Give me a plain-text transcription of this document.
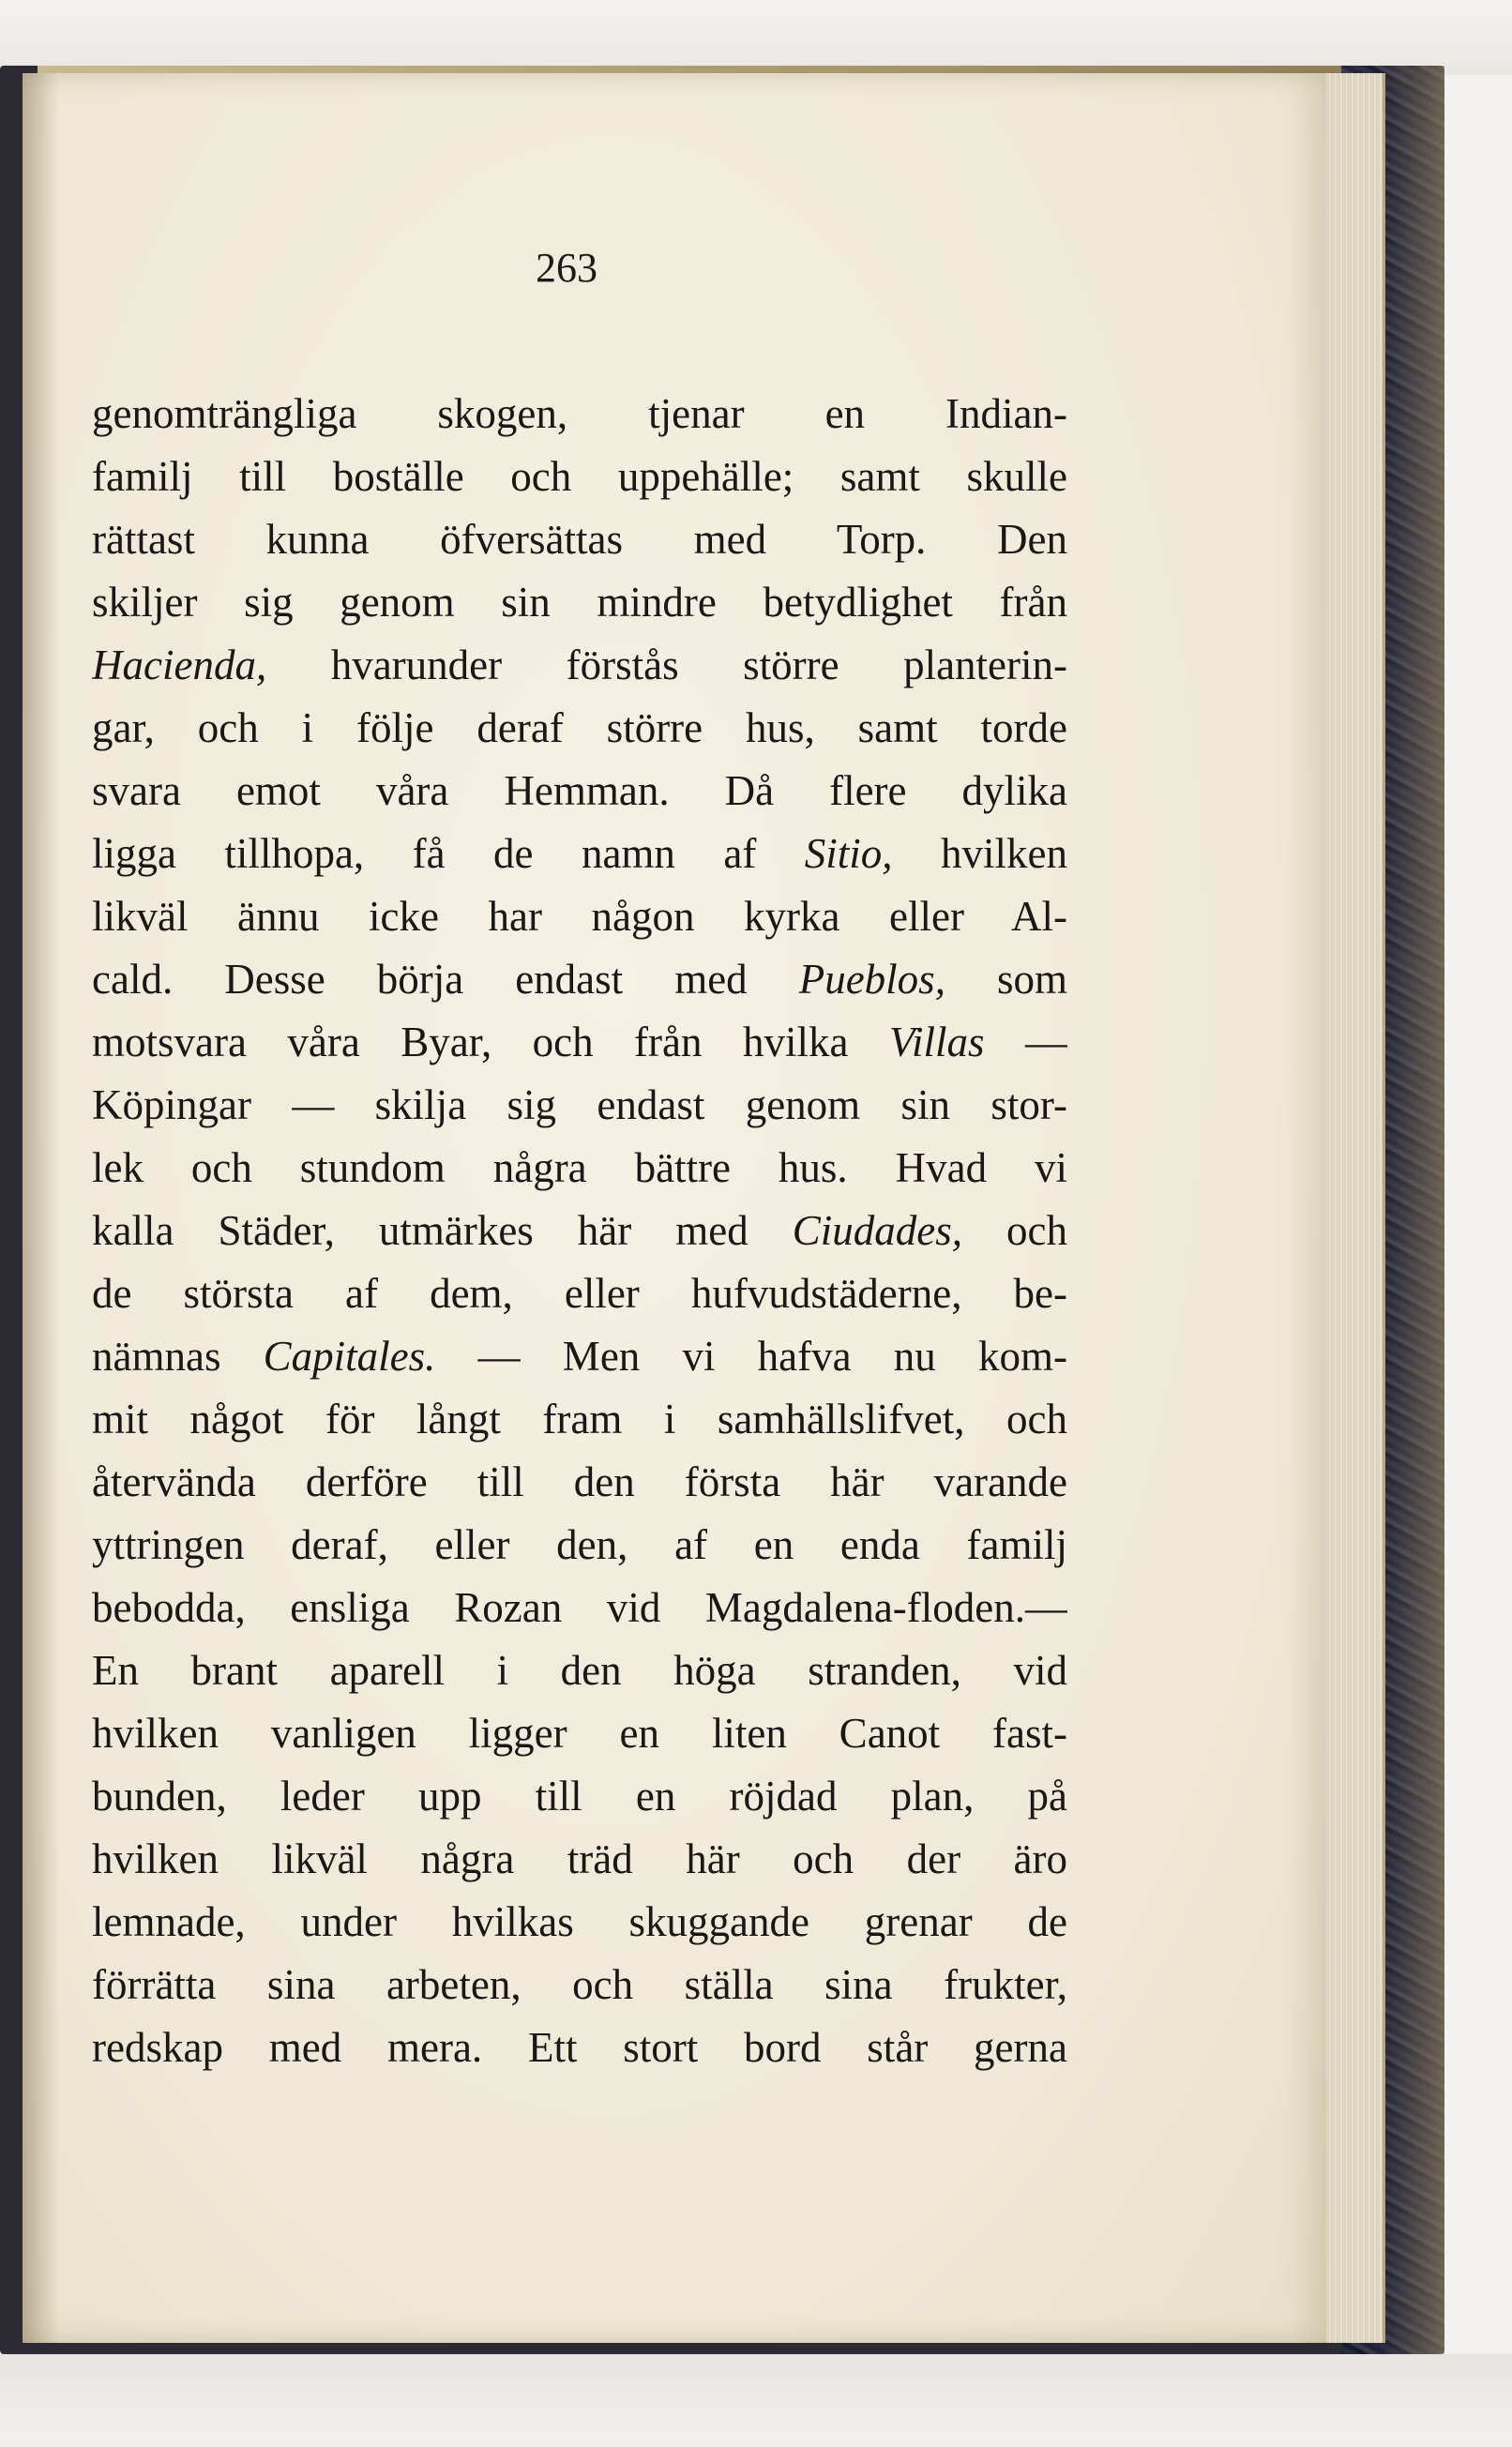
263
genomträngliga skogen, tjenar en Indian-
familj till boställe och uppehälle; samt skulle
rättast kunna öfversättas med Torp. Den
skiljer sig genom sin mindre betydlighet från
Hacienda, hvarunder förstås större planterin-
gar, och i följe deraf större hus, samt torde
svara emot våra Hemman. Då flere dylika
ligga tillhopa, få de namn af Sitio, hvilken
likväl ännu icke har någon kyrka eller Al-
cald. Desse börja endast med Pueblos, som
motsvara våra Byar, och från hvilka Villas —
Köpingar — skilja sig endast genom sin stor-
lek och stundom några bättre hus. Hvad vi
kalla Städer, utmärkes här med Ciudades, och
de största af dem, eller hufvudstäderne, be-
nämnas Capitales. — Men vi hafva nu kom-
mit något för långt fram i samhällslifvet, och
återvända derföre till den första här varande
yttringen deraf, eller den, af en enda familj
bebodda, ensliga Rozan vid Magdalena-floden.—
En brant aparell i den höga stranden, vid
hvilken vanligen ligger en liten Canot fast-
bunden, leder upp till en röjdad plan, på
hvilken likväl några träd här och der äro
lemnade, under hvilkas skuggande grenar de
förrätta sina arbeten, och ställa sina frukter,
redskap med mera. Ett stort bord står gerna
